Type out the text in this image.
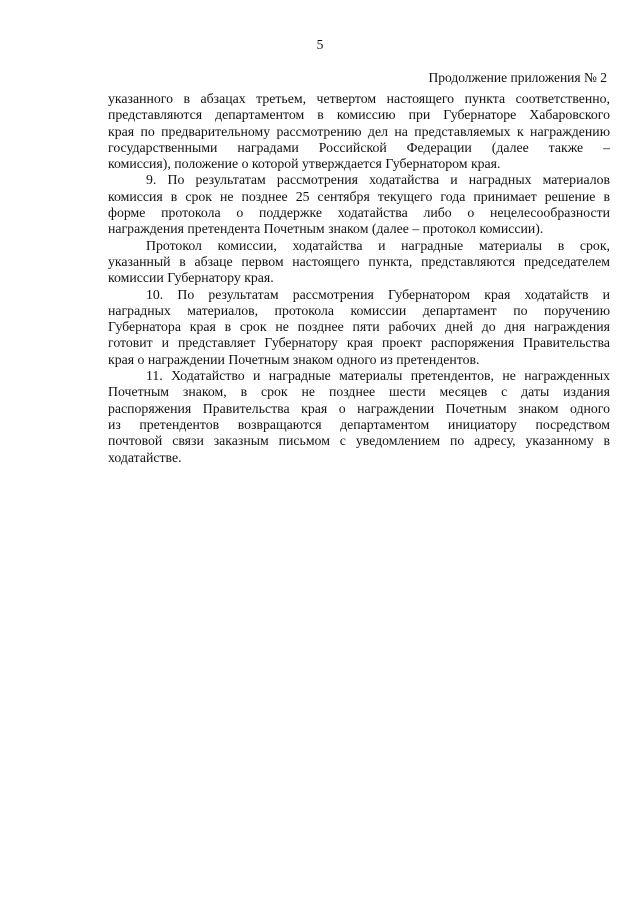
5
Продолжение приложения № 2

указанного в абзацах третьем, четвертом настоящего пункта соответственно,
представляются департаментом в комиссию при Губернаторе Хабаровского
края по предварительному рассмотрению дел на представляемых к награждению
государственными наградами Российской Федерации (далее также –
комиссия), положение о которой утверждается Губернатором края.

9. По результатам рассмотрения ходатайства и наградных материалов
комиссия в срок не позднее 25 сентября текущего года принимает решение в
форме протокола о поддержке ходатайства либо о нецелесообразности
награждения претендента Почетным знаком (далее – протокол комиссии).

Протокол комиссии, ходатайства и наградные материалы в срок,
указанный в абзаце первом настоящего пункта, представляются председателем
комиссии Губернатору края.

10. По результатам рассмотрения Губернатором края ходатайств и
наградных материалов, протокола комиссии департамент по поручению
Губернатора края в срок не позднее пяти рабочих дней до дня награждения
готовит и представляет Губернатору края проект распоряжения Правительства
края о награждении Почетным знаком одного из претендентов.

11. Ходатайство и наградные материалы претендентов, не награжденных
Почетным знаком, в срок не позднее шести месяцев с даты издания
распоряжения Правительства края о награждении Почетным знаком одного
из претендентов возвращаются департаментом инициатору посредством
почтовой связи заказным письмом с уведомлением по адресу, указанному в
ходатайстве.
